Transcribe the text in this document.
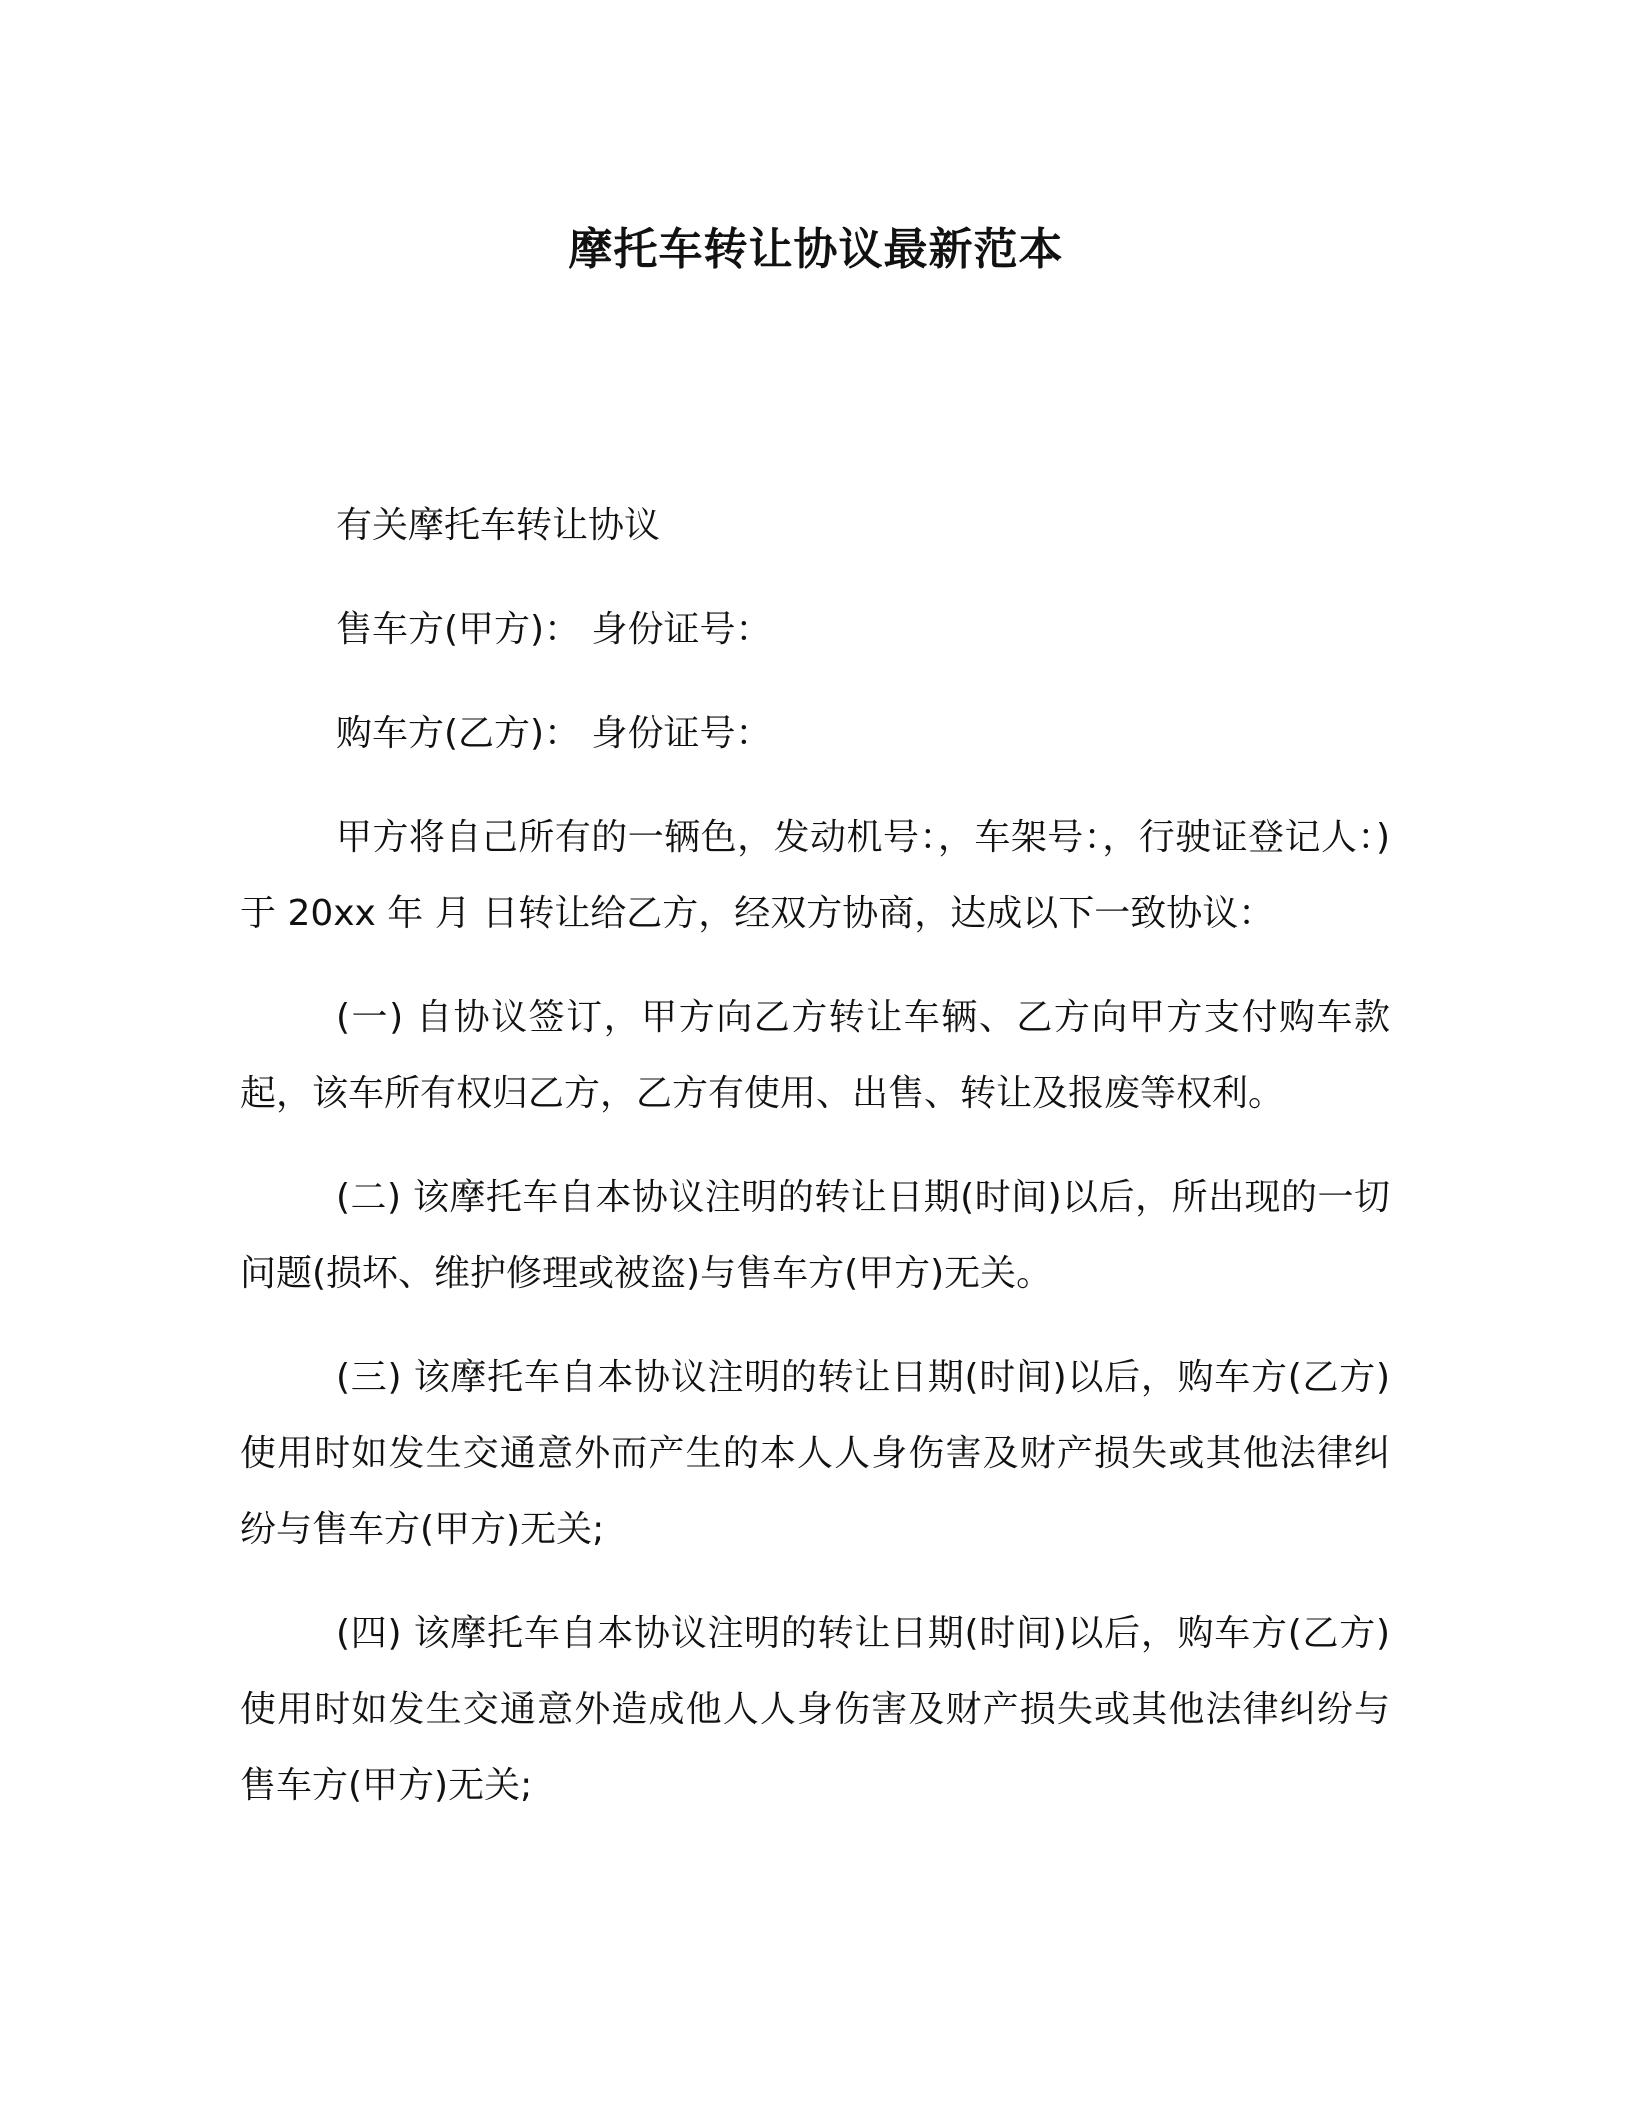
摩托车转让协议最新范本

有关摩托车转让协议

售车方(甲方)： 身份证号：

购车方(乙方)： 身份证号：

甲方将自己所有的一辆色，发动机号：，车架号：，行驶证登记人：)于 20xx 年 月 日转让给乙方，经双方协商，达成以下一致协议：

(一) 自协议签订，甲方向乙方转让车辆、乙方向甲方支付购车款起，该车所有权归乙方，乙方有使用、出售、转让及报废等权利。

(二) 该摩托车自本协议注明的转让日期(时间)以后，所出现的一切问题(损坏、维护修理或被盗)与售车方(甲方)无关。

(三) 该摩托车自本协议注明的转让日期(时间)以后，购车方(乙方)使用时如发生交通意外而产生的本人人身伤害及财产损失或其他法律纠纷与售车方(甲方)无关;

(四) 该摩托车自本协议注明的转让日期(时间)以后，购车方(乙方)使用时如发生交通意外造成他人人身伤害及财产损失或其他法律纠纷与售车方(甲方)无关;
